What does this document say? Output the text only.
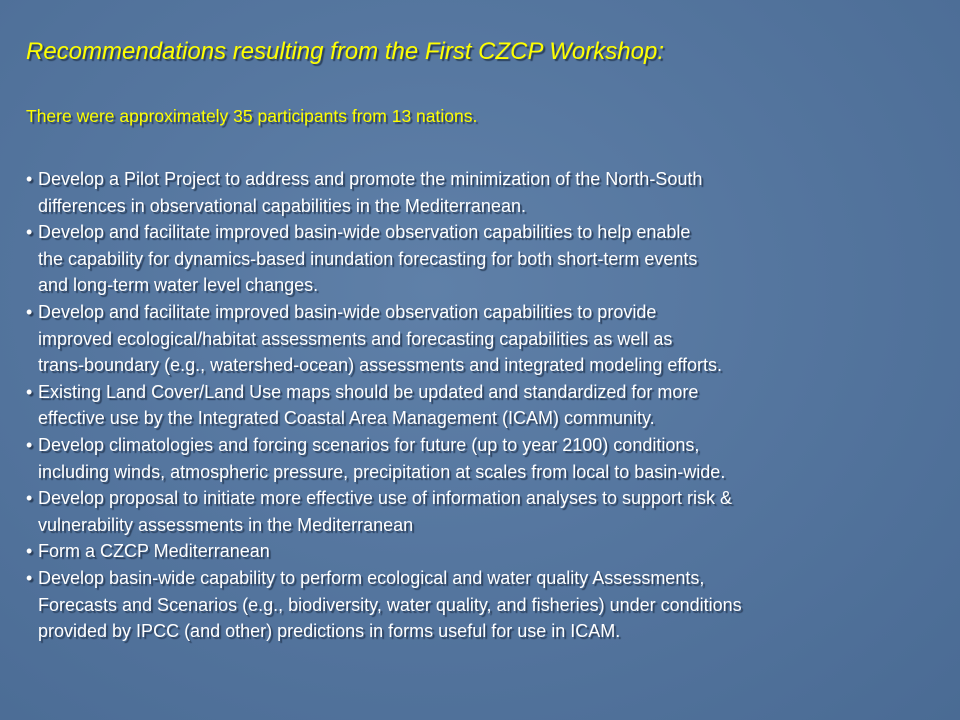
Recommendations resulting from the First CZCP Workshop:
There were approximately 35 participants from 13 nations.
• Develop a Pilot Project to address and promote the minimization of the North-South
differences in observational capabilities in the Mediterranean.
• Develop and facilitate improved basin-wide observation capabilities to help enable
the capability for dynamics-based inundation forecasting for both short-term events
and long-term water level changes.
• Develop and facilitate improved basin-wide observation capabilities to provide
improved ecological/habitat assessments and forecasting capabilities as well as
trans-boundary (e.g., watershed-ocean) assessments and integrated modeling efforts.
• Existing Land Cover/Land Use maps should be updated and standardized for more
effective use by the Integrated Coastal Area Management (ICAM) community.
• Develop climatologies and forcing scenarios for future (up to year 2100) conditions,
including winds, atmospheric pressure, precipitation at scales from local to basin-wide.
• Develop proposal to initiate more effective use of information analyses to support risk &
vulnerability assessments in the Mediterranean
• Form a CZCP Mediterranean
• Develop basin-wide capability to perform ecological and water quality Assessments,
Forecasts and Scenarios (e.g., biodiversity, water quality, and fisheries) under conditions
provided by IPCC (and other) predictions in forms useful for use in ICAM.
